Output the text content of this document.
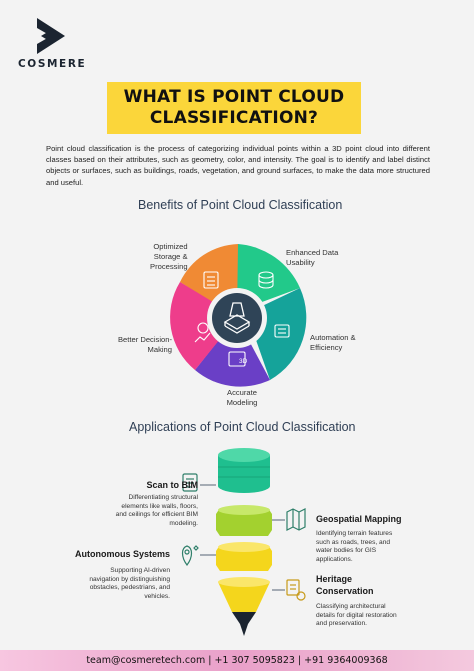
COSMERE
WHAT IS POINT CLOUD
CLASSIFICATION?
Point cloud classification is the process of categorizing individual points within a 3D point cloud into different classes based on their attributes, such as geometry, color, and intensity. The goal is to identify and label distinct objects or surfaces, such as buildings, roads, vegetation, and ground surfaces, to make the data more structured and useful.
Benefits of Point Cloud Classification
3D
Optimized
Storage &
Processing
Enhanced Data
Usability
Automation &
Efficiency
Accurate
Modeling
Better Decision-
Making
Applications of Point Cloud Classification
Scan to BIM
Differentiating structural
elements like walls, floors,
and ceilings for efficient BIM
modeling.	Geospatial Mapping
Identifying terrain features
such as roads, trees, and
water bodies for GIS
applications.
Autonomous Systems
Supporting AI-driven
navigation by distinguishing
obstacles, pedestrians, and
vehicles.
Heritage
Conservation
Classifying architectural
details for digital restoration
and preservation.
team@cosmeretech.com | +1 307 5095823 | +91 9364009368
